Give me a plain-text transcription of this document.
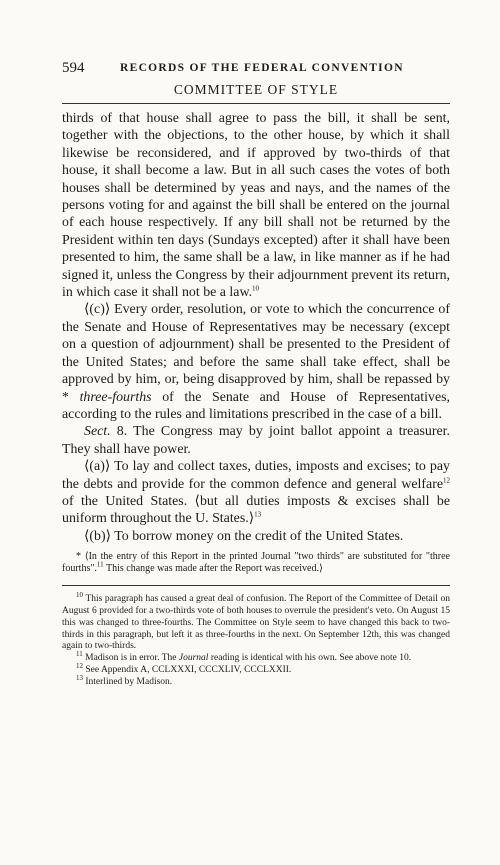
594	RECORDS OF THE FEDERAL CONVENTION
COMMITTEE OF STYLE

thirds of that house shall agree to pass the bill, it shall be sent, together with the objections, to the other house, by which it shall likewise be reconsidered, and if approved by two-thirds of that house, it shall become a law. But in all such cases the votes of both houses shall be determined by yeas and nays, and the names of the persons voting for and against the bill shall be entered on the journal of each house respectively. If any bill shall not be returned by the President within ten days (Sundays excepted) after it shall have been presented to him, the same shall be a law, in like manner as if he had signed it, unless the Congress by their adjournment prevent its return, in which case it shall not be a law.$^{10}$

⟨(c)⟩ Every order, resolution, or vote to which the concurrence of the Senate and House of Representatives may be necessary (except on a question of adjournment) shall be presented to the President of the United States; and before the same shall take effect, shall be approved by him, or, being disapproved by him, shall be repassed by * three-fourths of the Senate and House of Representatives, according to the rules and limitations prescribed in the case of a bill.

Sect. 8. The Congress may by joint ballot appoint a treasurer. They shall have power.

⟨(a)⟩ To lay and collect taxes, duties, imposts and excises; to pay the debts and provide for the common defence and general welfare$^{12}$ of the United States. ⟨but all duties imposts & excises shall be uniform throughout the U. States.⟩$^{13}$

⟨(b)⟩ To borrow money on the credit of the United States.

* ⟨In the entry of this Report in the printed Journal "two thirds" are substituted for "three fourths".$^{11}$ This change was made after the Report was received.⟩

$^{10}$ This paragraph has caused a great deal of confusion. The Report of the Committee of Detail on August 6 provided for a two-thirds vote of both houses to overrule the president's veto. On August 15 this was changed to three-fourths. The Committee on Style seem to have changed this back to two-thirds in this paragraph, but left it as three-fourths in the next. On September 12th, this was changed again to two-thirds.

$^{11}$ Madison is in error. The Journal reading is identical with his own. See above note 10.

$^{12}$ See Appendix A, CCLXXXI, CCCXLIV, CCCLXXII.

$^{13}$ Interlined by Madison.
